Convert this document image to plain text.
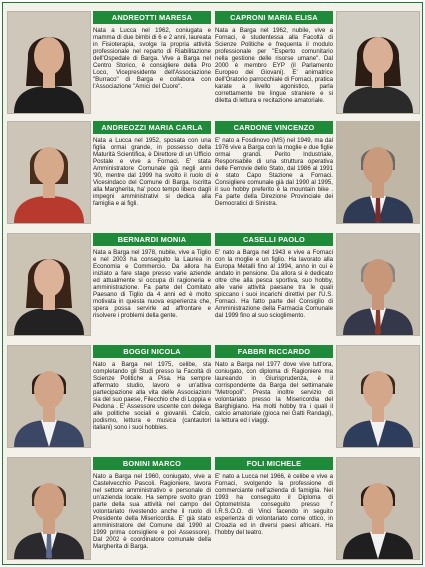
ANDREOTTI MARESA
Nata a Lucca nel 1962, coniugata e mamma di due bimbi di 6 e 2 anni, laureata in Fisioterapia, svolge la propria attività professionale nel reparto di Riabilitazione dell'Ospedale di Barga. Vive a Barga nel Centro Storico, è consigliere della Pro Loco, Vicepresidente dell'Associazione "Burraco" di Barga e collabora con l'Associazione "Amici del Cuore".
CAPRONI MARIA ELISA
Nata a Barga nel 1962, nubile, vive a Fornaci, è studentessa alla Facoltà di Scienze Politiche e frequenta il modulo professionale per "Esperto comunitario nella gestione delle risorse umane". Dal 2000 è membro EYP (il Parlamento Europeo dei Giovani). E' animatrice dell'Oratorio parrocchiale di Fornaci, pratica karate a livello agonistico, parla correttamente tre lingue straniere e si diletta di lettura e recitazione amatoriale.
ANDREOZZI MARIA CARLA
Nata a Lucca nel 1952, sposata con una figlia ormai grande, in possesso della Maturità Scientifica, è Direttore di un Ufficio Postale e vive a Fornaci. E' stata Amministratore Comunale già negli anni '90, mentre dal 1999 ha svolto il ruolo di Vicesindaco del Comune di Barga. Iscritta alla Margherita, ha' poco tempo libero dagli impegni amministrativi si dedica alla famiglia e ai figli.
CARDONE VINCENZO
E' nato a Fosdinovo (MS) nel 1949, ma dal 1976 vive a Barga con la moglie e due figlie ormai grandi. Perito Industriale, Responsabile di una struttura operativa delle Ferrovie dello Stato, dal 1986 al 1991 è stato Capo Stazione a Fornaci. Consigliere comunale già dal 1990 al 1995, il suo hobby preferito è la mountain bike . Fa parte della Direzione Provinciale dei Democratici di Sinistra.
BERNARDI MONIA
Nata a Barga nel 1978, nubile, vive a Tiglio e nel 2003 ha conseguito la Laurea in Economia e Commercio. Da allora ha iniziato a fare stage presso varie aziende ed attualmente si occupa di ragioneria e amministrazione. Fa parte del Comitato Paesano di Tiglio da 4 anni ed è molto motivata in questa nuova esperienza che, spera possa servirle ad affrontare e risolvere i problemi della gente.
CASELLI PAOLO
E' nato a Barga nel 1943 e vive a Fornaci con la moglie e un figlio. Ha lavorato alla Europa Metalli fino al 1994, anno in cui è andato in pensione. Da allora si è dedicato oltre che alla pesca sportiva, suo hobby, alle varie attività paesane tra le quali spiccano i suoi incarichi direttivi per l'U.S. Fornaci. Ha fatto parte del Consiglio di Amministrazione della Farmacia Comunale dal 1999 fino al suo scioglimento.
BOGGI NICOLA
Nato a Barga nel 1975, celibe, sta completando gli Studi presso la Facoltà di Scienze Politiche a Pisa. Ha sempre affermato studio, lavoro e un'attiva partecipazione alla vita delle Associazioni sia del suo paese, Filecchio che di Loppia e Pedona . E' Assessore uscente con delega alle politiche sociali e giovanili. Calcio, podismo, lettura e musica (cantautori italiani) sono i suoi hobbies.
FABBRI RICCARDO
Nato a Barga nel 1977 dove vive tutt'ora, coniugato, con diploma di Ragioniere ma laureando in Giurisprudenza, è il corrispondente da Barga del settimanale "Metropoli". Presta inoltre servizio di volontariato presso la Misericordia del Barghigiano. Ha molti hobby tra i quali il calcio amatoriale (gioca nei Gatti Randagi), la lettura ed i viaggi.
BONINI MARCO
Nato a Barga nel 1960, coniugato, vive a Castelvecchio Pascoli. Ragioniere, lavora nel settore amministrativo e personale di un'azienda locale. Ha sempre svolto gran parte della sua attività nel campo del volontariato rivestendo anche il ruolo di Presidente della Misericordia. E' già stato amministratore del Comune dal 1990 al 1999 prima consigliere e poi Assessore). Dal 2002 è coordinatore comunale della Margherita di Barga.
FOLI MICHELE
E' nato a Lucca nel 1966, è celibe e vive a Fornaci, svolgendo la professione di commerciante nell'azienda di famiglia. Nel 1993 ha conseguito il Diploma di Optometrista conseguito presso l' I.R.S.O.O. di Vinci facendo in seguito esperienza di volontariato come ottico, in Croazia ed in diversi paesi africani. Ha l'hobby del teatro.
